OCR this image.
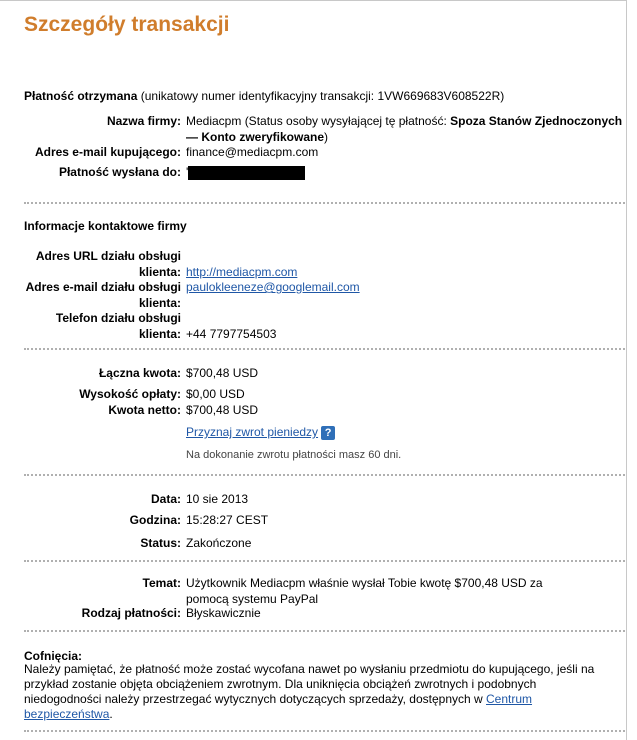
Szczegóły transakcji
Płatność otrzymana (unikatowy numer identyfikacyjny transakcji: 1VW669683V608522R)
Nazwa firmy: Mediacpm (Status osoby wysyłającej tę płatność: Spoza Stanów Zjednoczonych
— Konto zweryfikowane)
Adres e-mail kupującego: finance@mediacpm.com
Płatność wysłana do: '
Informacje kontaktowe firmy
Adres URL działu obsługi
klienta: http://mediacpm.com
Adres e-mail działu obsługi
klienta:
paulokleeneze@googlemail.com
Telefon działu obsługi
klienta: +44 7797754503
Łączna kwota: $700,48 USD
Wysokość opłaty: $0,00 USD
Kwota netto: $700,48 USD
Przyznaj zwrot pieniedzy ?
Na dokonanie zwrotu płatności masz 60 dni.
Data: 10 sie 2013
Godzina: 15:28:27 CEST
Status: Zakończone
Temat: Użytkownik Mediacpm właśnie wysłał Tobie kwotę $700,48 USD za
pomocą systemu PayPal
Rodzaj płatności: Błyskawicznie
Cofnięcia:
Należy pamiętać, że płatność może zostać wycofana nawet po wysłaniu przedmiotu do kupującego, jeśli na
przykład zostanie objęta obciążeniem zwrotnym. Dla uniknięcia obciążeń zwrotnych i podobnych
niedogodności należy przestrzegać wytycznych dotyczących sprzedaży, dostępnych w Centrum
bezpieczeństwa.
